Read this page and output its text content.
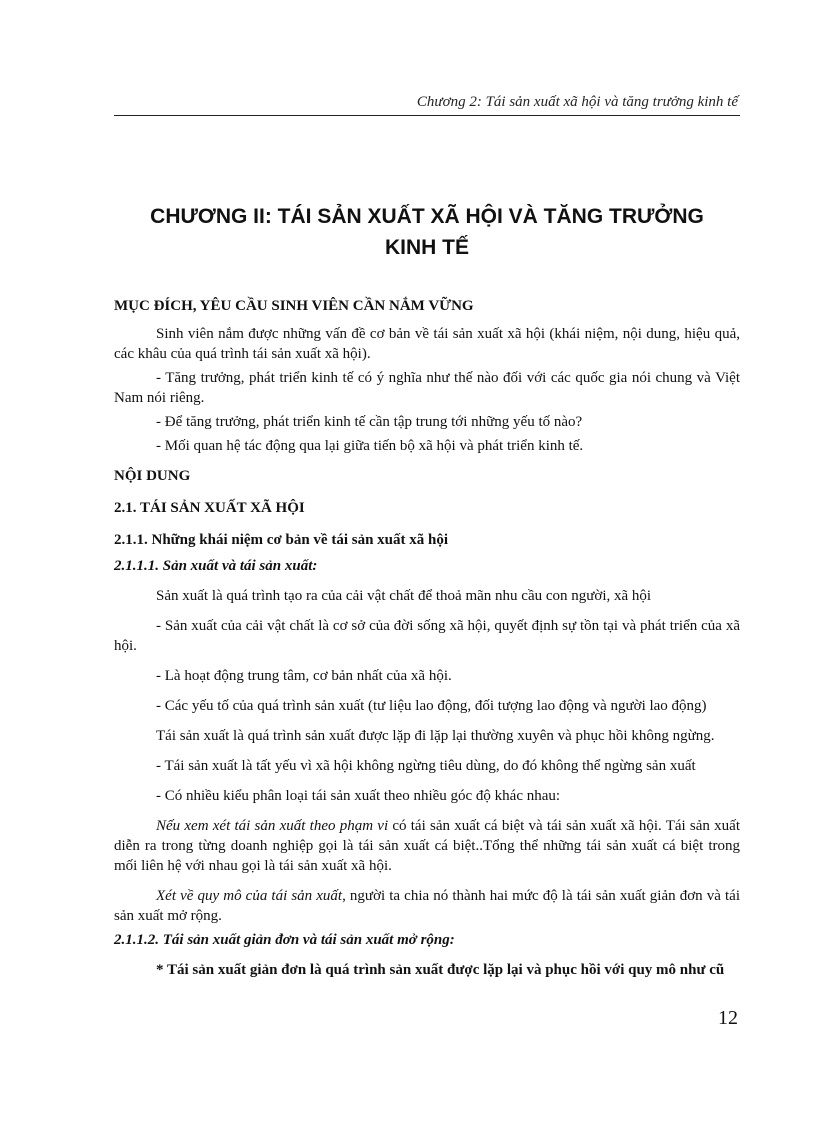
Chương 2: Tái sản xuất xã hội và tăng trưởng kinh tế
CHƯƠNG II: TÁI SẢN XUẤT XÃ HỘI VÀ TĂNG TRƯỞNG
KINH TẾ

MỤC ĐÍCH, YÊU CẦU SINH VIÊN CẦN NẮM VỮNG

Sinh viên nắm được những vấn đề cơ bản về tái sản xuất xã hội (khái niệm, nội dung, hiệu quả, các khâu của quá trình tái sản xuất xã hội).

- Tăng trưởng, phát triển kinh tế có ý nghĩa như thế nào đối với các quốc gia nói chung và Việt Nam nói riêng.

- Để tăng trưởng, phát triển kinh tế cần tập trung tới những yếu tố nào?

- Mối quan hệ tác động qua lại giữa tiến bộ xã hội và phát triển kinh tế.

NỘI DUNG

2.1. TÁI SẢN XUẤT XÃ HỘI

2.1.1. Những khái niệm cơ bản về tái sản xuất xã hội

2.1.1.1. Sản xuất và tái sản xuất:

Sản xuất là quá trình tạo ra của cải vật chất để thoả mãn nhu cầu con người, xã hội

- Sản xuất của cải vật chất là cơ sở của đời sống xã hội, quyết định sự tồn tại và phát triển của xã hội.

- Là hoạt động trung tâm, cơ bản nhất của xã hội.

- Các yếu tố của quá trình sản xuất (tư liệu lao động, đối tượng lao động và người lao động)

Tái sản xuất là quá trình sản xuất được lặp đi lặp lại thường xuyên và phục hồi không ngừng.

- Tái sản xuất là tất yếu vì xã hội không ngừng tiêu dùng, do đó không thể ngừng sản xuất

- Có nhiều kiểu phân loại tái sản xuất theo nhiều góc độ khác nhau:

Nếu xem xét tái sản xuất theo phạm vi có tái sản xuất cá biệt và tái sản xuất xã hội. Tái sản xuất diễn ra trong từng doanh nghiệp gọi là tái sản xuất cá biệt..Tổng thể những tái sản xuất cá biệt trong mối liên hệ với nhau gọi là tái sản xuất xã hội.

Xét về quy mô của tái sản xuất, người ta chia nó thành hai mức độ là tái sản xuất giản đơn và tái sản xuất mở rộng.

2.1.1.2. Tái sản xuất giản đơn và tái sản xuất mở rộng:

* Tái sản xuất giản đơn là quá trình sản xuất được lặp lại và phục hồi với quy mô như cũ

12
